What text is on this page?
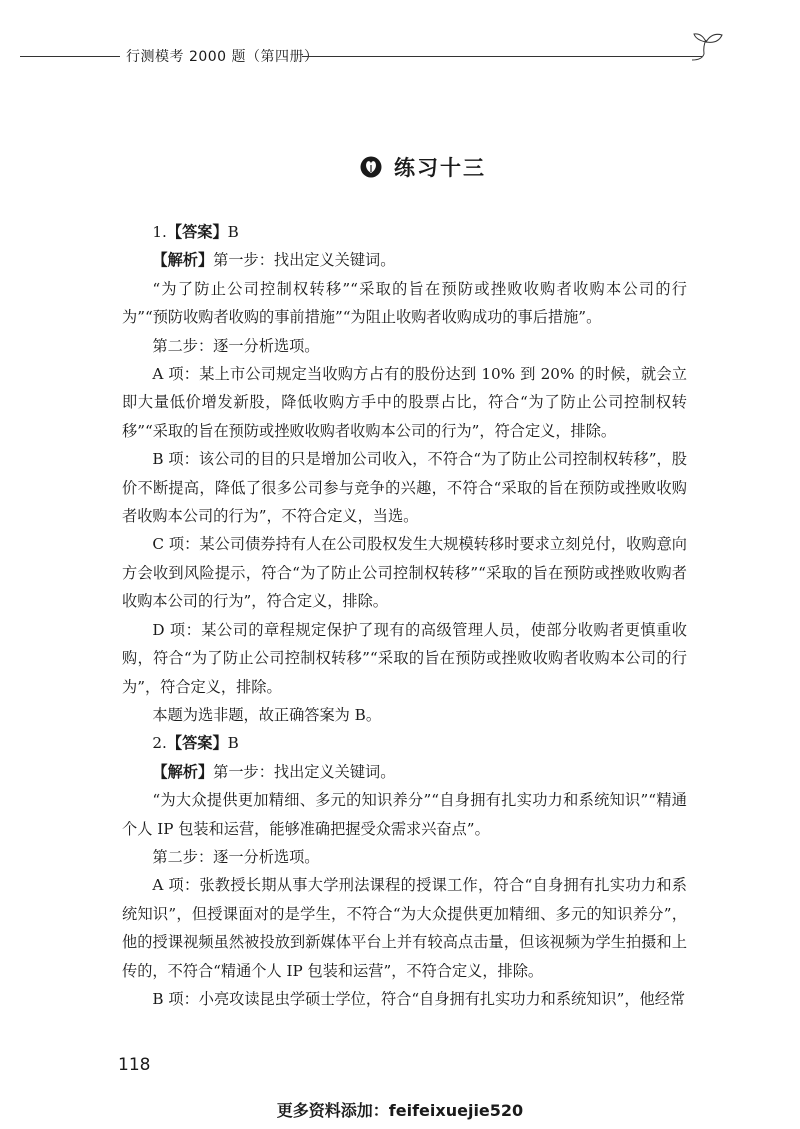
行测模考 2000 题（第四册）
练习十三

1.【答案】B

【解析】第一步：找出定义关键词。

“为了防止公司控制权转移”“采取的旨在预防或挫败收购者收购本公司的行为”“预防收购者收购的事前措施”“为阻止收购者收购成功的事后措施”。

第二步：逐一分析选项。

A 项：某上市公司规定当收购方占有的股份达到 10% 到 20% 的时候，就会立即大量低价增发新股，降低收购方手中的股票占比，符合“为了防止公司控制权转移”“采取的旨在预防或挫败收购者收购本公司的行为”，符合定义，排除。

B 项：该公司的目的只是增加公司收入，不符合“为了防止公司控制权转移”，股价不断提高，降低了很多公司参与竞争的兴趣，不符合“采取的旨在预防或挫败收购者收购本公司的行为”，不符合定义，当选。

C 项：某公司债券持有人在公司股权发生大规模转移时要求立刻兑付，收购意向方会收到风险提示，符合“为了防止公司控制权转移”“采取的旨在预防或挫败收购者收购本公司的行为”，符合定义，排除。

D 项：某公司的章程规定保护了现有的高级管理人员，使部分收购者更慎重收购，符合“为了防止公司控制权转移”“采取的旨在预防或挫败收购者收购本公司的行为”，符合定义，排除。

本题为选非题，故正确答案为 B。

2.【答案】B

【解析】第一步：找出定义关键词。

“为大众提供更加精细、多元的知识养分”“自身拥有扎实功力和系统知识”“精通个人 IP 包装和运营，能够准确把握受众需求兴奋点”。

第二步：逐一分析选项。

A 项：张教授长期从事大学刑法课程的授课工作，符合“自身拥有扎实功力和系统知识”，但授课面对的是学生，不符合“为大众提供更加精细、多元的知识养分”，他的授课视频虽然被投放到新媒体平台上并有较高点击量，但该视频为学生拍摄和上传的，不符合“精通个人 IP 包装和运营”，不符合定义，排除。

B 项：小亮攻读昆虫学硕士学位，符合“自身拥有扎实功力和系统知识”，他经常

118
更多资料添加：feifeixuejie520
